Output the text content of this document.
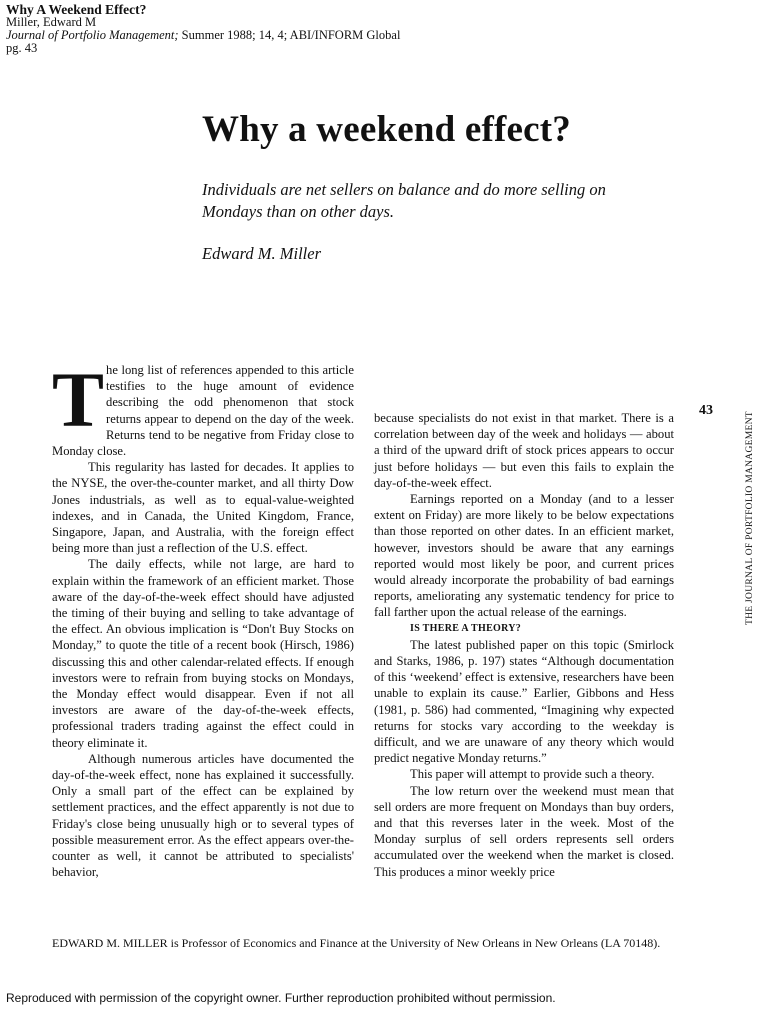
Why A Weekend Effect?
Miller, Edward M
Journal of Portfolio Management; Summer 1988; 14, 4; ABI/INFORM Global
pg. 43
Why a weekend effect?
Individuals are net sellers on balance and do more selling on Mondays than on other days.
Edward M. Miller

The long list of references appended to this article testifies to the huge amount of evidence describing the odd phenomenon that stock returns appear to depend on the day of the week. Returns tend to be negative from Friday close to Monday close.

This regularity has lasted for decades. It applies to the NYSE, the over-the-counter market, and all thirty Dow Jones industrials, as well as to equal-value-weighted indexes, and in Canada, the United Kingdom, France, Singapore, Japan, and Australia, with the foreign effect being more than just a reflection of the U.S. effect.

The daily effects, while not large, are hard to explain within the framework of an efficient market. Those aware of the day-of-the-week effect should have adjusted the timing of their buying and selling to take advantage of the effect. An obvious implication is “Don't Buy Stocks on Monday,” to quote the title of a recent book (Hirsch, 1986) discussing this and other calendar-related effects. If enough investors were to refrain from buying stocks on Mondays, the Monday effect would disappear. Even if not all investors are aware of the day-of-the-week effects, professional traders trading against the effect could in theory eliminate it.

Although numerous articles have documented the day-of-the-week effect, none has explained it successfully. Only a small part of the effect can be explained by settlement practices, and the effect apparently is not due to Friday's close being unusually high or to several types of possible measurement error. As the effect appears over-the-counter as well, it cannot be attributed to specialists' behavior,

because specialists do not exist in that market. There is a correlation between day of the week and holidays — about a third of the upward drift of stock prices appears to occur just before holidays — but even this fails to explain the day-of-the-week effect.

Earnings reported on a Monday (and to a lesser extent on Friday) are more likely to be below expectations than those reported on other dates. In an efficient market, however, investors should be aware that any earnings reported would most likely be poor, and current prices would already incorporate the probability of bad earnings reports, ameliorating any systematic tendency for price to fall farther upon the actual release of the earnings.

IS THERE A THEORY?

The latest published paper on this topic (Smirlock and Starks, 1986, p. 197) states “Although documentation of this ‘weekend’ effect is extensive, researchers have been unable to explain its cause.” Earlier, Gibbons and Hess (1981, p. 586) had commented, “Imagining why expected returns for stocks vary according to the weekday is difficult, and we are unaware of any theory which would predict negative Monday returns.”

This paper will attempt to provide such a theory.

The low return over the weekend must mean that sell orders are more frequent on Mondays than buy orders, and that this reverses later in the week. Most of the Monday surplus of sell orders represents sell orders accumulated over the weekend when the market is closed. This produces a minor weekly price

43
THE JOURNAL OF PORTFOLIO MANAGEMENT
EDWARD M. MILLER is Professor of Economics and Finance at the University of New Orleans in New Orleans (LA 70148).
Reproduced with permission of the copyright owner. Further reproduction prohibited without permission.
